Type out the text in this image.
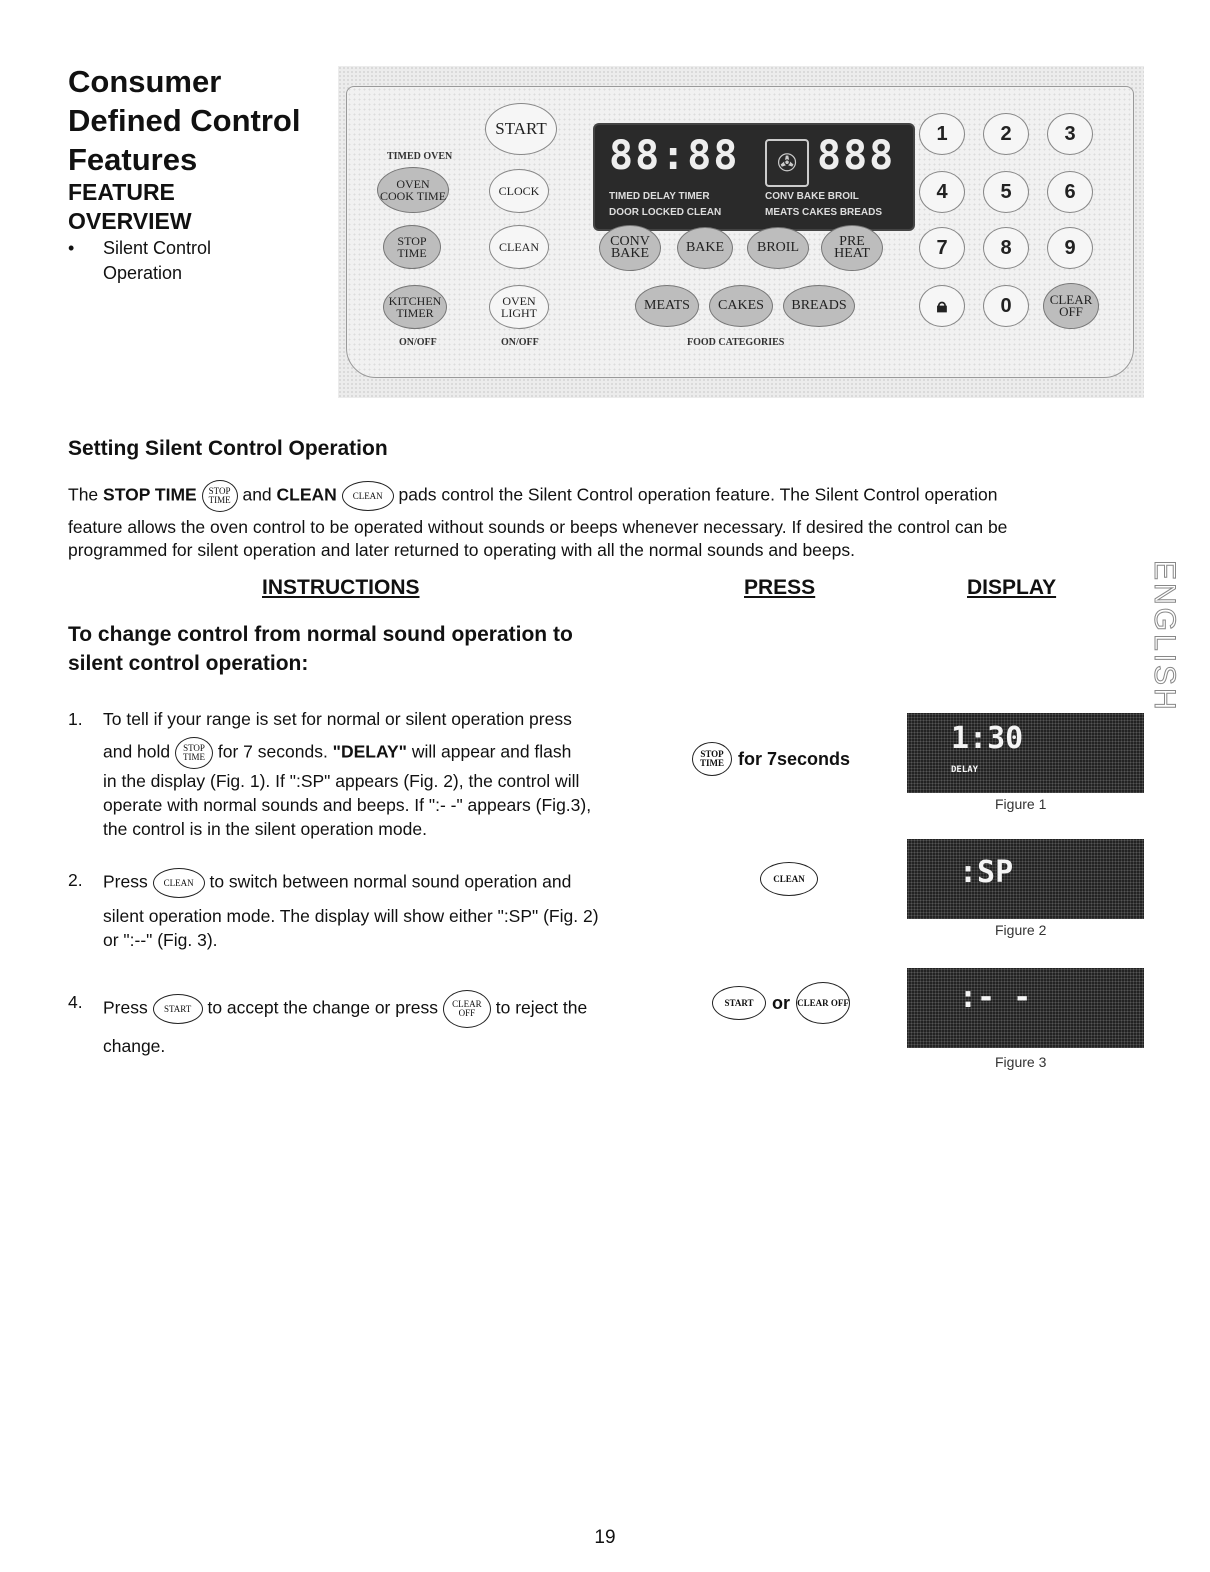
Consumer
Defined Control
Features
FEATURE
OVERVIEW
• Silent Control
Operation
TIMED OVEN
OVEN COOK TIME
STOP TIME
KITCHEN TIMER
ON/OFF
START
CLOCK
CLEAN
OVEN LIGHT
ON/OFF
88:88	✇ 888
TIMED DELAY TIMER	CONV BAKE BROIL
DOOR LOCKED CLEAN	MEATS CAKES BREADS
CONV BAKE	BAKE	BROIL	PRE HEAT
MEATS	CAKES	BREADS
FOOD CATEGORIES
1	2	3
4	5	6
7	8	9
🔒︎	0	CLEAR OFF
Setting Silent Control Operation
The STOP TIME STOP TIME and CLEAN CLEAN pads control the Silent Control operation feature. The Silent Control operation
feature allows the oven control to be operated without sounds or beeps whenever necessary. If desired the control can be
programmed for silent operation and later returned to operating with all the normal sounds and beeps.
INSTRUCTIONS	PRESS	DISPLAY
To change control from normal sound operation to
silent control operation:
1. To tell if your range is set for normal or silent operation press
and hold STOP TIME for 7 seconds. "DELAY" will appear and flash
in the display (Fig. 1). If ":SP" appears (Fig. 2), the control will
operate with normal sounds and beeps. If ":- -" appears (Fig.3),
the control is in the silent operation mode.
2. Press CLEAN to switch between normal sound operation and
silent operation mode. The display will show either ":SP" (Fig. 2)
or ":--" (Fig. 3).
4. Press START to accept the change or press CLEAR OFF to reject the
change.
STOP TIME for 7seconds
CLEAN
START	or CLEAR OFF
1:30
DELAY
Figure 1
:SP
Figure 2
:- -
Figure 3
ENGLISH
19
